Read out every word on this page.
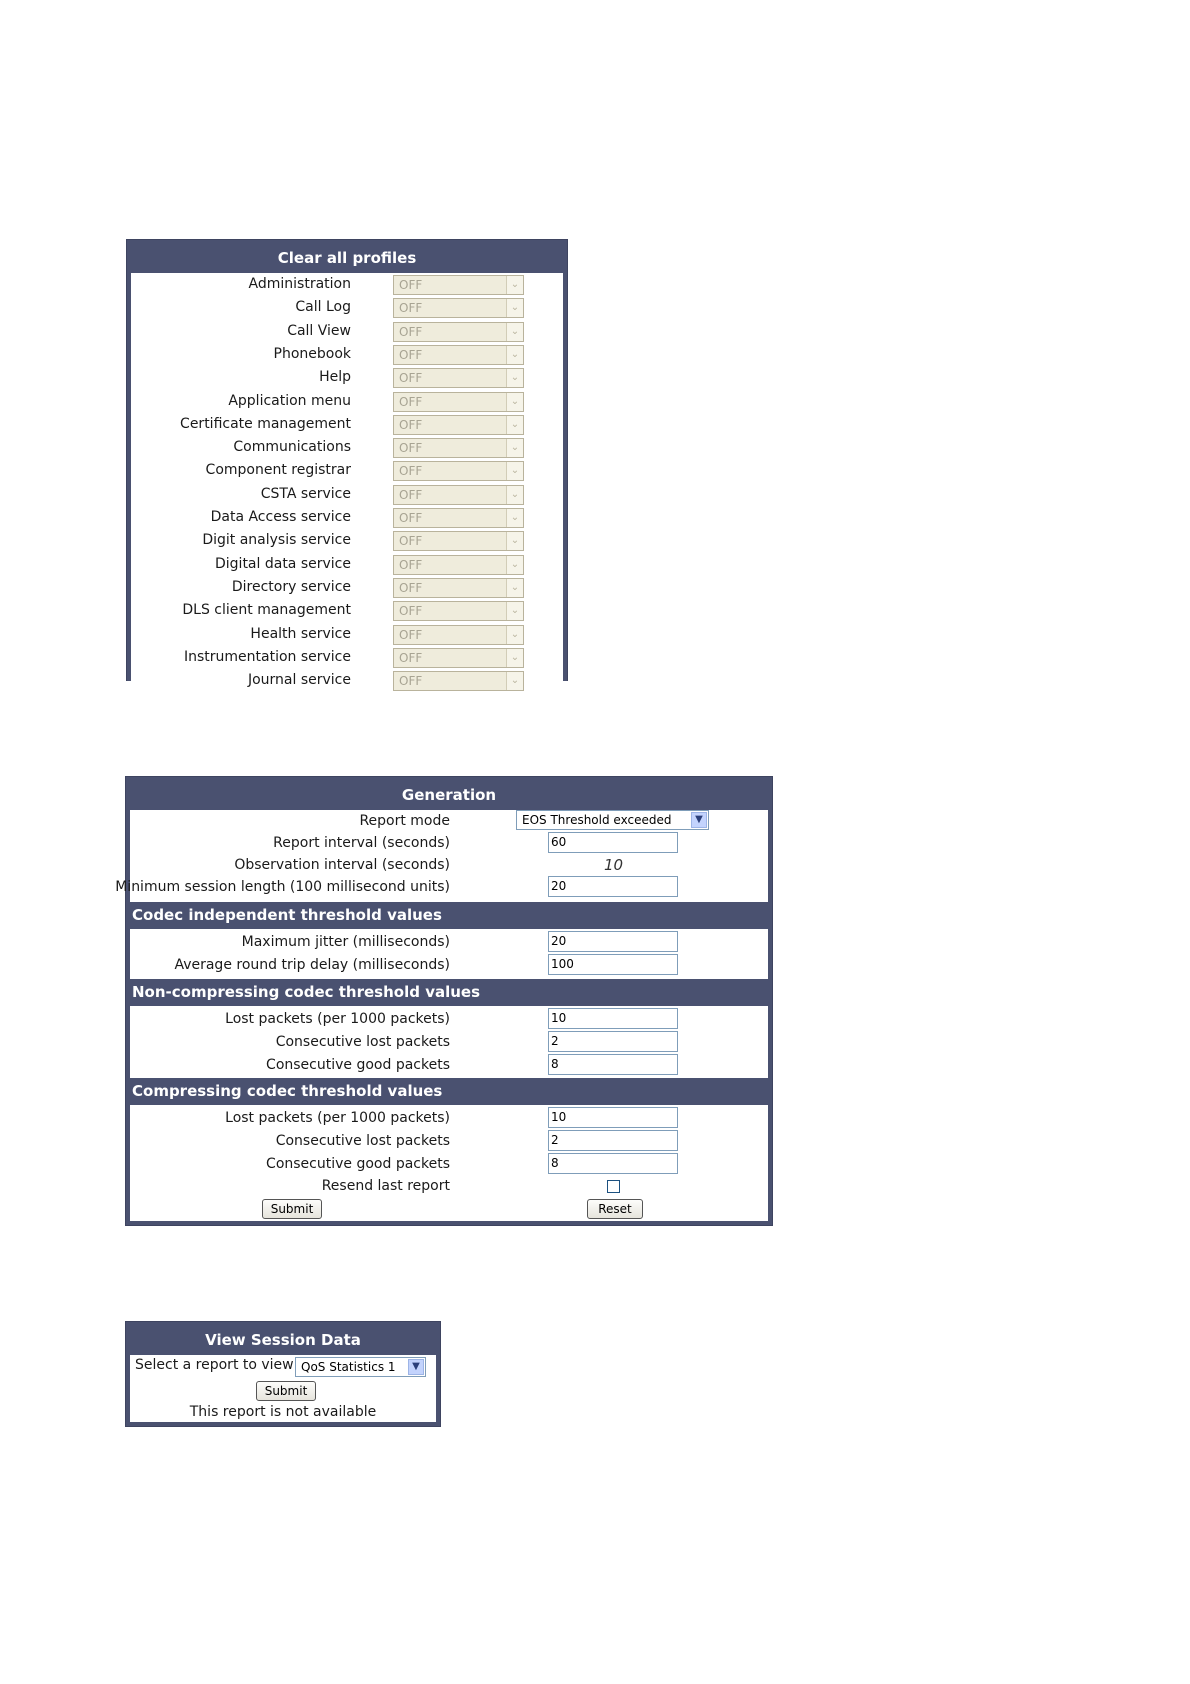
Clear all profiles
Administration	OFF	⌄
Call Log	OFF	⌄
Call View	OFF	⌄
Phonebook	OFF	⌄
Help	OFF	⌄
Application menu	OFF	⌄
Certificate management	OFF	⌄
Communications	OFF	⌄
Component registrar	OFF	⌄
CSTA service	OFF	⌄
Data Access service	OFF	⌄
Digit analysis service	OFF	⌄
Digital data service	OFF	⌄
Directory service	OFF	⌄
DLS client management	OFF	⌄
Health service	OFF	⌄
Instrumentation service	OFF	⌄
Journal service	OFF	⌄
Generation
Report mode	EOS Threshold exceeded	▼
Report interval (seconds)	60
Observation interval (seconds)	10
Minimum session length (100 millisecond units)	20
Codec independent threshold values
Maximum jitter (milliseconds)	20
Average round trip delay (milliseconds)	100
Non-compressing codec threshold values
Lost packets (per 1000 packets)	10
Consecutive lost packets	2
Consecutive good packets	8
Compressing codec threshold values
Lost packets (per 1000 packets)	10
Consecutive lost packets	2
Consecutive good packets	8
Resend last report
Submit	Reset
View Session Data
Select a report to view QoS Statistics 1	▼
Submit
This report is not available
